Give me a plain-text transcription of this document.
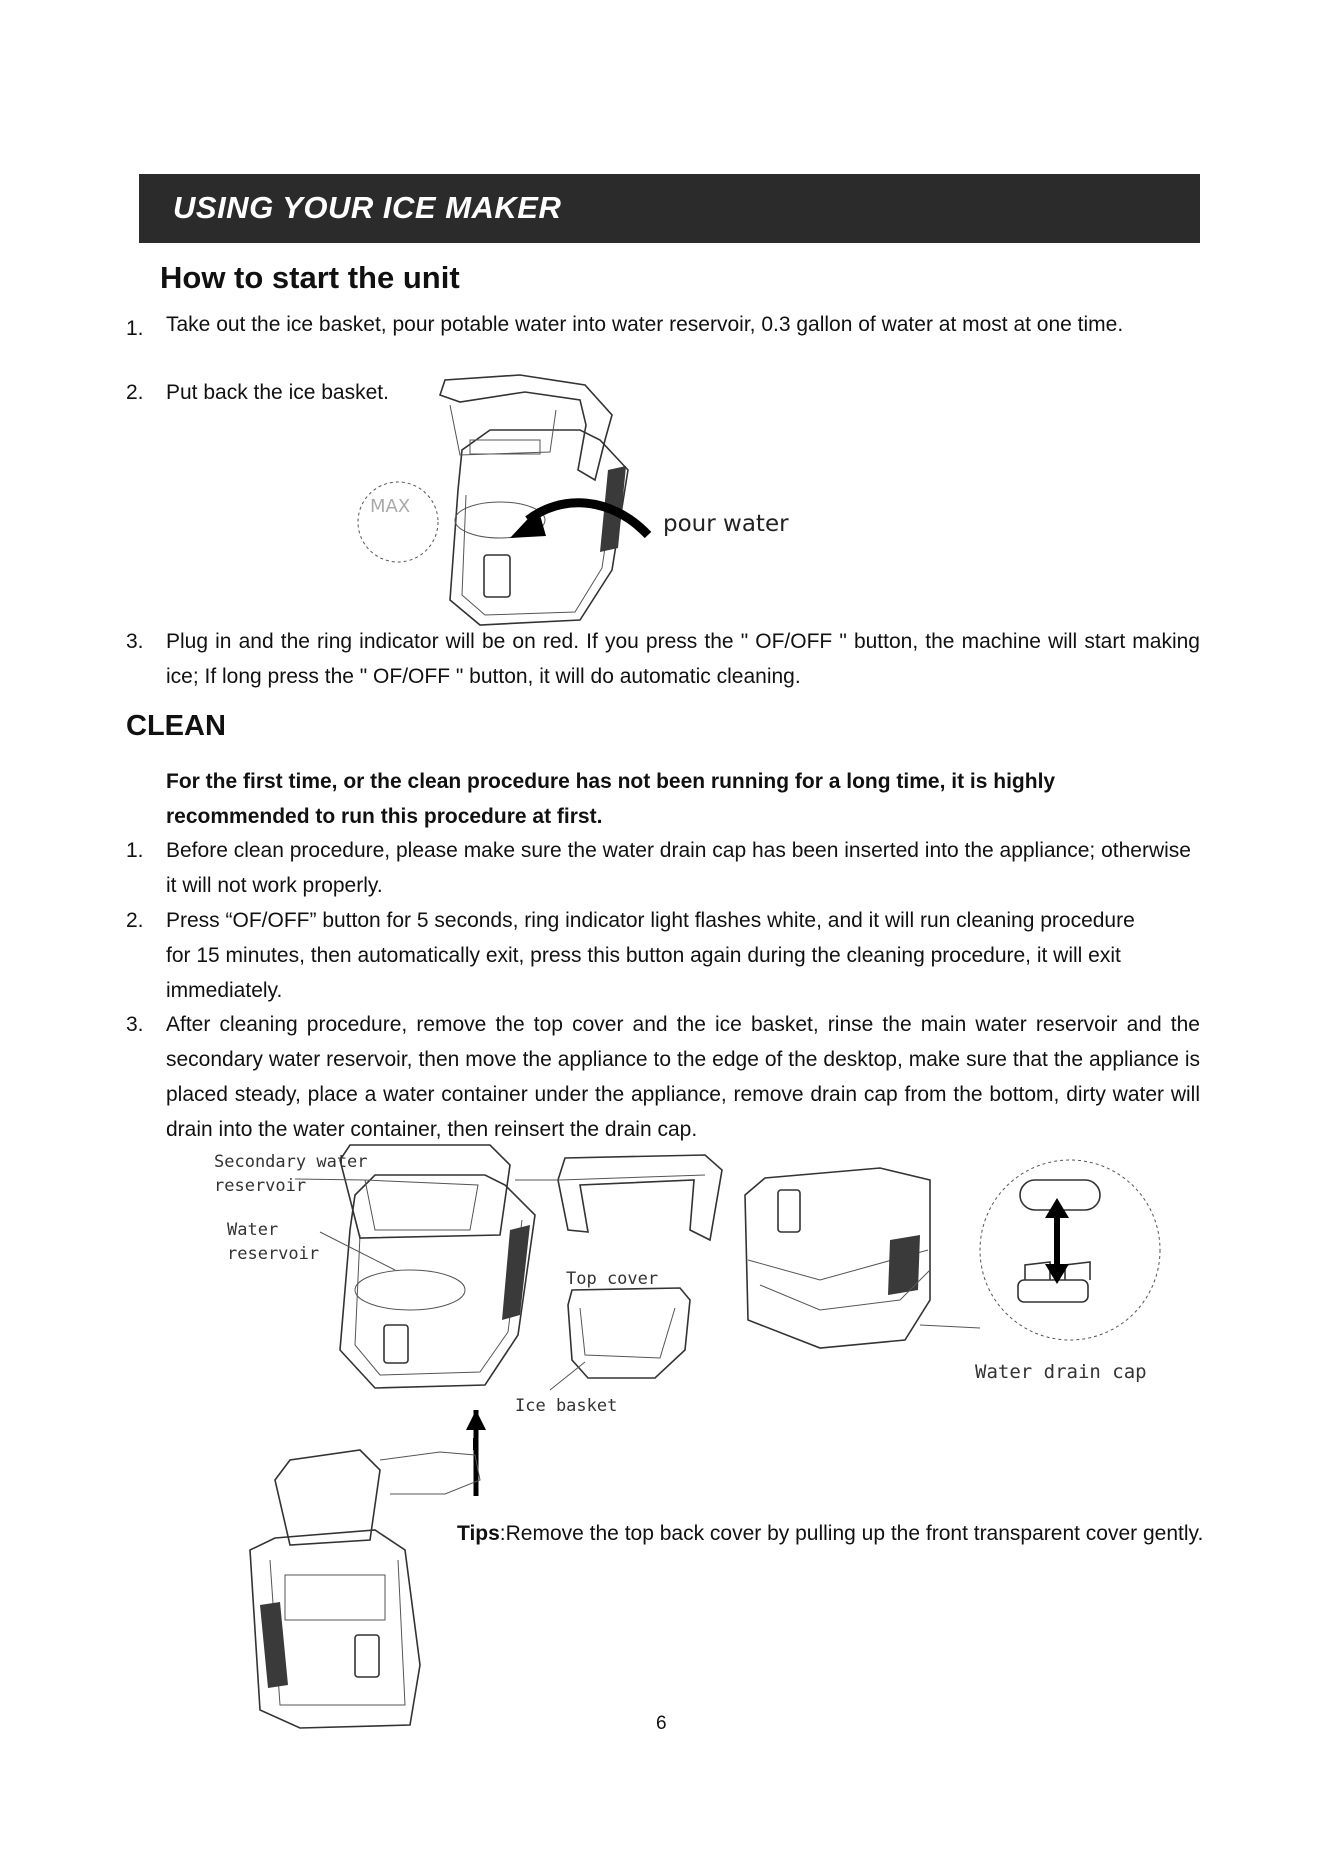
USING YOUR ICE MAKER
How to start the unit
1.	Take out the ice basket, pour potable water into water reservoir, 0.3 gallon of water at most at one time.
2.	Put back the ice basket.
MAX
pour water
3.	Plug in and the ring indicator will be on red. If you press the " OF/OFF " button, the machine will start making ice; If long press the " OF/OFF " button, it will do automatic cleaning.
CLEAN
For the first time, or the clean procedure has not been running for a long time, it is highly recommended to run this procedure at first.
1.	Before clean procedure, please make sure the water drain cap has been inserted into the appliance; otherwise it will not work properly.
2.	Press “OF/OFF” button for 5 seconds, ring indicator light flashes white, and it will run cleaning procedure for 15 minutes, then automatically exit, press this button again during the cleaning procedure, it will exit immediately.
3.	After cleaning procedure, remove the top cover and the ice basket, rinse the main water reservoir and the secondary water reservoir, then move the appliance to the edge of the desktop, make sure that the appliance is placed steady, place a water container under the appliance, remove drain cap from the bottom, dirty water will drain into the water container, then reinsert the drain cap.
Secondary water
reservoir
Water
reservoir
Top cover
Ice basket
Water drain cap
Tips:Remove the top back cover by pulling up the front transparent cover gently.
6
